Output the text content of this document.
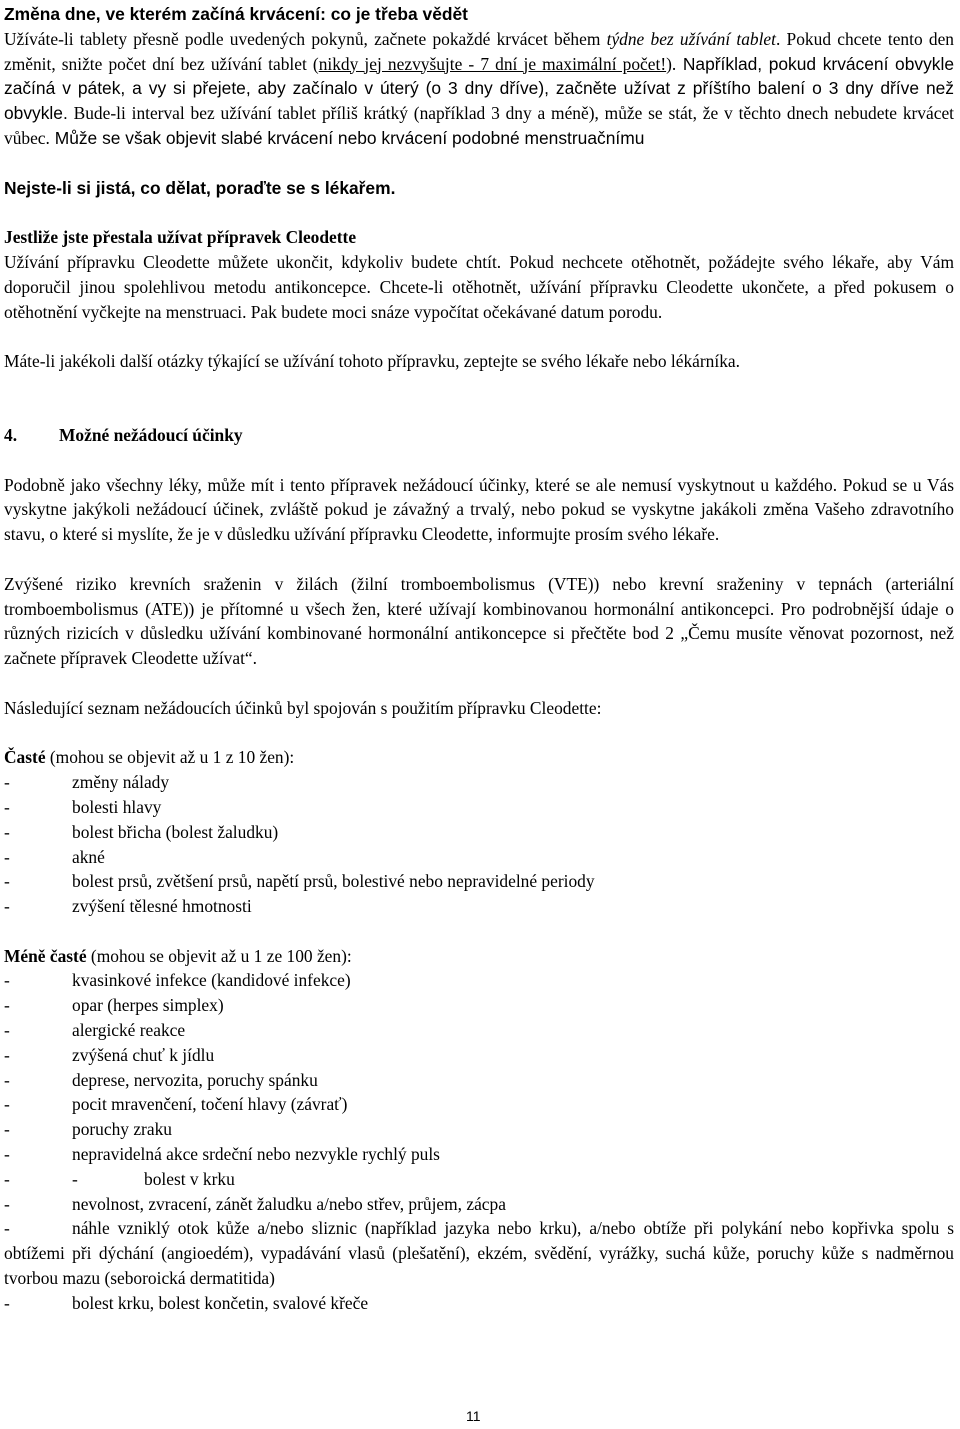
Změna dne, ve kterém začíná krvácení: co je třeba vědět

Užíváte-li tablety přesně podle uvedených pokynů, začnete pokaždé krvácet během týdne bez užívání tablet. Pokud chcete tento den změnit, snižte počet dní bez užívání tablet (nikdy jej nezvyšujte - 7 dní je maximální počet!). Například, pokud krvácení obvykle začíná v pátek, a vy si přejete, aby začínalo v úterý (o 3 dny dříve), začněte užívat z příštího balení o 3 dny dříve než obvykle. Bude-li interval bez užívání tablet příliš krátký (například 3 dny a méně), může se stát, že v těchto dnech nebudete krvácet vůbec. Může se však objevit slabé krvácení nebo krvácení podobné menstruačnímu

Nejste-li si jistá, co dělat, poraďte se s lékařem.

Jestliže jste přestala užívat přípravek Cleodette

Užívání přípravku Cleodette můžete ukončit, kdykoliv budete chtít. Pokud nechcete otěhotnět, požádejte svého lékaře, aby Vám doporučil jinou spolehlivou metodu antikoncepce. Chcete-li otěhotnět, užívání přípravku Cleodette ukončete, a před pokusem o otěhotnění vyčkejte na menstruaci. Pak budete moci snáze vypočítat očekávané datum porodu.

Máte-li jakékoli další otázky týkající se užívání tohoto přípravku, zeptejte se svého lékaře nebo lékárníka.

4.	Možné nežádoucí účinky

Podobně jako všechny léky, může mít i tento přípravek nežádoucí účinky, které se ale nemusí vyskytnout u každého. Pokud se u Vás vyskytne jakýkoli nežádoucí účinek, zvláště pokud je závažný a trvalý, nebo pokud se vyskytne jakákoli změna Vašeho zdravotního stavu, o které si myslíte, že je v důsledku užívání přípravku Cleodette, informujte prosím svého lékaře.

Zvýšené riziko krevních sraženin v žilách (žilní tromboembolismus (VTE)) nebo krevní sraženiny v tepnách (arteriální tromboembolismus (ATE)) je přítomné u všech žen, které užívají kombinovanou hormonální antikoncepci. Pro podrobnější údaje o různých rizicích v důsledku užívání kombinované hormonální antikoncepce si přečtěte bod 2 „Čemu musíte věnovat pozornost, než začnete přípravek Cleodette užívat“.

Následující seznam nežádoucích účinků byl spojován s použitím přípravku Cleodette:

Časté (mohou se objevit až u 1 z 10 žen):

-	změny nálady
-	bolesti hlavy
-	bolest břicha (bolest žaludku)
-	akné
-	bolest prsů, zvětšení prsů, napětí prsů, bolestivé nebo nepravidelné periody
-	zvýšení tělesné hmotnosti

Méně časté (mohou se objevit až u 1 ze 100 žen):

-	kvasinkové infekce (kandidové infekce)
-	opar (herpes simplex)
-	alergické reakce
-	zvýšená chuť k jídlu
-	deprese, nervozita, poruchy spánku
-	pocit mravenčení, točení hlavy (závrať)
-	poruchy zraku
-	nepravidelná akce srdeční nebo nezvykle rychlý puls
-	-	bolest v krku
-	nevolnost, zvracení, zánět žaludku a/nebo střev, průjem, zácpa
-	náhle vzniklý otok kůže a/nebo sliznic (například jazyka nebo krku), a/nebo obtíže při polykání nebo kopřivka spolu s obtížemi při dýchání (angioedém), vypadávání vlasů (plešatění), ekzém, svědění, vyrážky, suchá kůže, poruchy kůže s nadměrnou tvorbou mazu (seboroická dermatitida)
-	bolest krku, bolest končetin, svalové křeče
11
